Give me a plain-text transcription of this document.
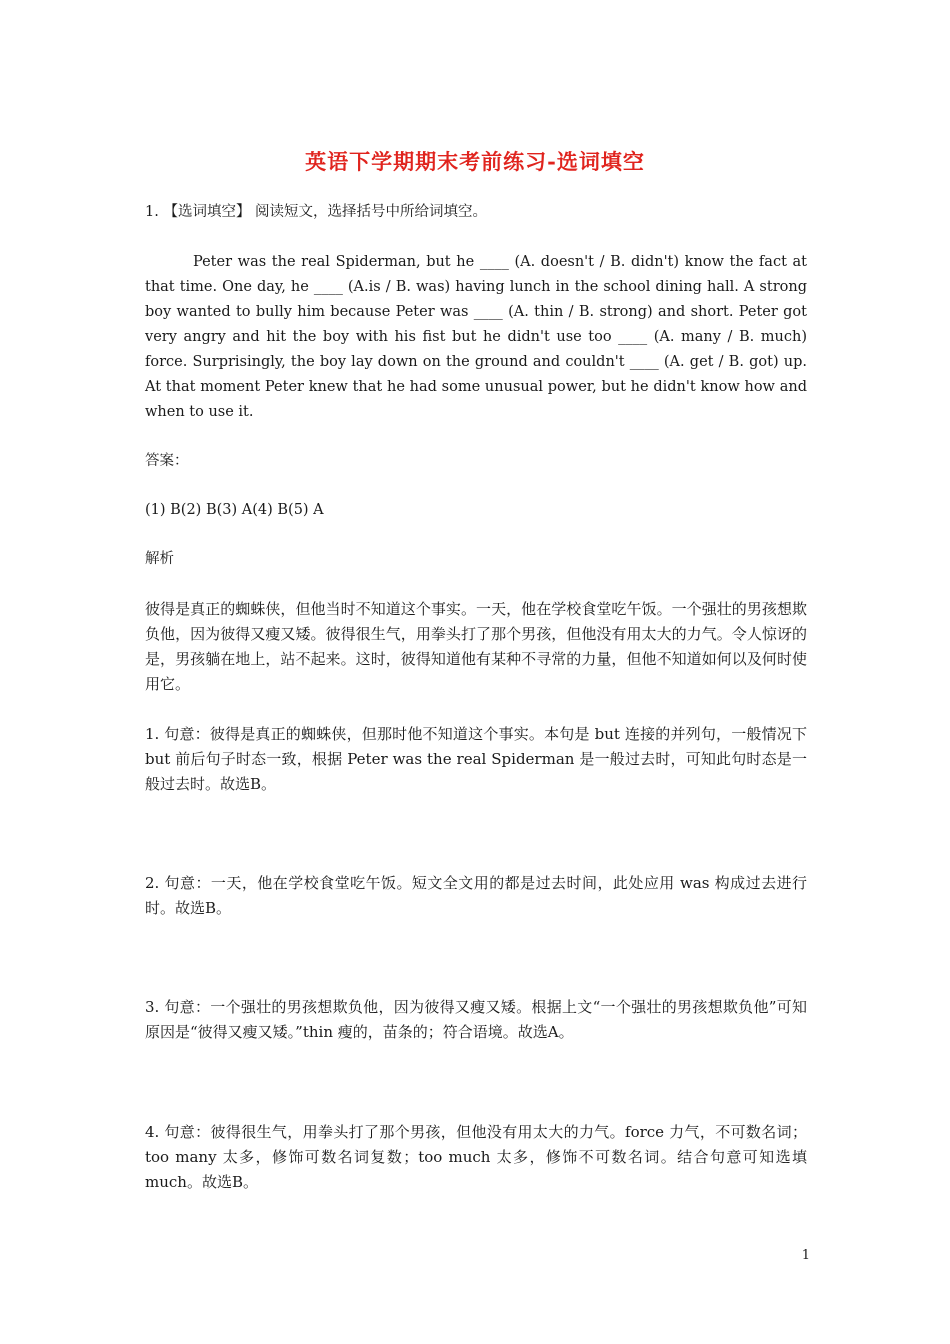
英语下学期期末考前练习-选词填空

1. 【选词填空】 阅读短文，选择括号中所给词填空。

Peter was the real Spiderman, but he ____ (A. doesn't / B. didn't) know the fact at that time. One day, he ____ (A.is / B. was) having lunch in the school dining hall. A strong boy wanted to bully him because Peter was ____ (A. thin / B. strong) and short. Peter got very angry and hit the boy with his fist but he didn't use too ____ (A. many / B. much) force. Surprisingly, the boy lay down on the ground and couldn't ____ (A. get / B. got) up. At that moment Peter knew that he had some unusual power, but he didn't know how and when to use it.

答案：

(1) B(2) B(3) A(4) B(5) A

解析

彼得是真正的蜘蛛侠，但他当时不知道这个事实。一天，他在学校食堂吃午饭。一个强壮的男孩想欺负他，因为彼得又瘦又矮。彼得很生气，用拳头打了那个男孩，但他没有用太大的力气。令人惊讶的是，男孩躺在地上，站不起来。这时，彼得知道他有某种不寻常的力量，但他不知道如何以及何时使用它。

1. 句意：彼得是真正的蜘蛛侠，但那时他不知道这个事实。本句是 but 连接的并列句，一般情况下 but 前后句子时态一致，根据 Peter was the real Spiderman 是一般过去时，可知此句时态是一般过去时。故选B。

2. 句意：一天，他在学校食堂吃午饭。短文全文用的都是过去时间，此处应用 was 构成过去进行时。故选B。

3. 句意：一个强壮的男孩想欺负他，因为彼得又瘦又矮。根据上文“一个强壮的男孩想欺负他”可知原因是“彼得又瘦又矮。”thin 瘦的，苗条的；符合语境。故选A。

4. 句意：彼得很生气，用拳头打了那个男孩，但他没有用太大的力气。force 力气，不可数名词；too many 太多，修饰可数名词复数；too much 太多，修饰不可数名词。结合句意可知选填 much。故选B。

1
